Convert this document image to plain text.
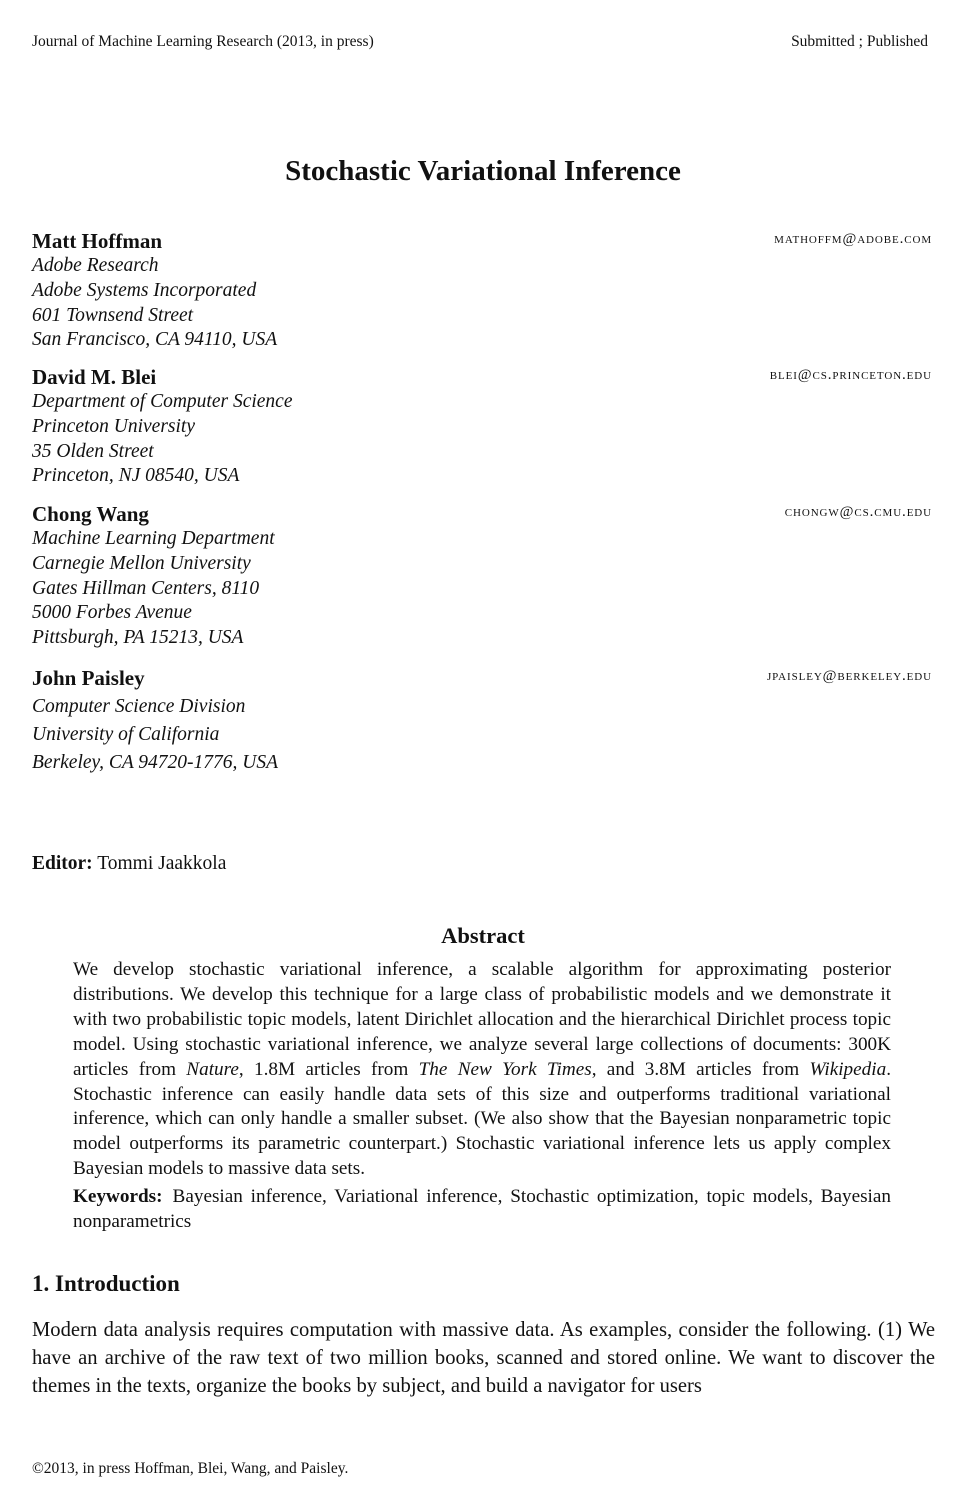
Journal of Machine Learning Research (2013, in press)	Submitted ; Published
Stochastic Variational Inference
Matt Hoffman	mathoffm@adobe.com
Adobe Research
Adobe Systems Incorporated
601 Townsend Street
San Francisco, CA 94110, USA
David M. Blei	blei@cs.princeton.edu
Department of Computer Science
Princeton University
35 Olden Street
Princeton, NJ 08540, USA
Chong Wang	chongw@cs.cmu.edu
Machine Learning Department
Carnegie Mellon University
Gates Hillman Centers, 8110
5000 Forbes Avenue
Pittsburgh, PA 15213, USA
John Paisley	jpaisley@berkeley.edu
Computer Science Division
University of California
Berkeley, CA 94720-1776, USA
Editor: Tommi Jaakkola
Abstract
We develop stochastic variational inference, a scalable algorithm for approximating posterior distributions. We develop this technique for a large class of probabilistic models and we demonstrate it with two probabilistic topic models, latent Dirichlet allocation and the hierarchical Dirichlet process topic model. Using stochastic variational inference, we analyze several large collections of documents: 300K articles from Nature, 1.8M articles from The New York Times, and 3.8M articles from Wikipedia. Stochastic inference can easily handle data sets of this size and outperforms traditional variational inference, which can only handle a smaller subset. (We also show that the Bayesian nonparametric topic model outperforms its parametric counterpart.) Stochastic variational inference lets us apply complex Bayesian models to massive data sets.
Keywords: Bayesian inference, Variational inference, Stochastic optimization, topic models, Bayesian nonparametrics
1. Introduction
Modern data analysis requires computation with massive data. As examples, consider the following. (1) We have an archive of the raw text of two million books, scanned and stored online. We want to discover the themes in the texts, organize the books by subject, and build a navigator for users
©2013, in press Hoffman, Blei, Wang, and Paisley.
